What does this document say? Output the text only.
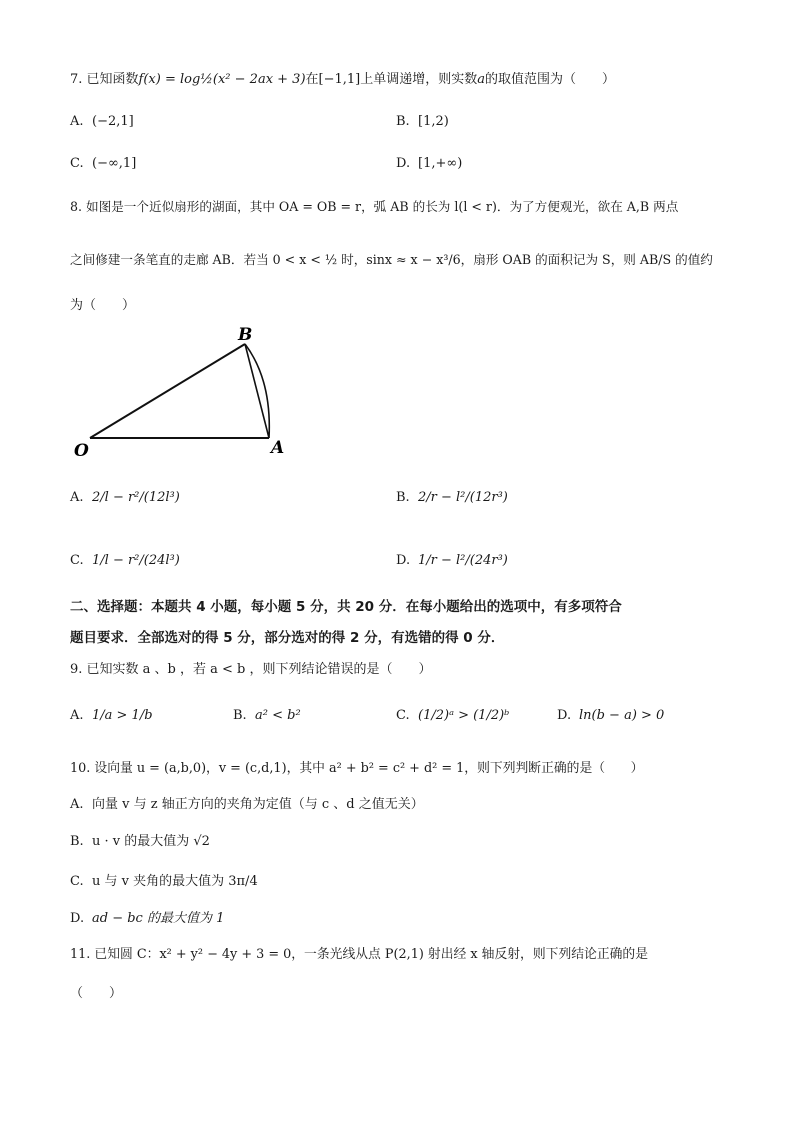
7. 已知函数f(x) = log½(x² − 2ax + 3)在[−1,1]上单调递增，则实数a的取值范围为（　　）
A. (−2,1]	B. [1,2)
C. (−∞,1]	D. [1,+∞)
8. 如图是一个近似扇形的湖面，其中 OA = OB = r，弧 AB 的长为 l(l < r)．为了方便观光，欲在 A,B 两点
之间修建一条笔直的走廊 AB．若当 0 < x < ½ 时，sinx ≈ x − x³/6，扇形 OAB 的面积记为 S，则 AB/S 的值约
为（　　）
O	A
B
A. 2/l − r²/(12l³)	B. 2/r − l²/(12r³)
C. 1/l − r²/(24l³)	D. 1/r − l²/(24r³)
二、选择题：本题共 4 小题，每小题 5 分，共 20 分．在每小题给出的选项中，有多项符合
题目要求．全部选对的得 5 分，部分选对的得 2 分，有选错的得 0 分．
9. 已知实数 a 、b ，若 a < b ，则下列结论错误的是（　　）
A. 1/a > 1/b	B. a² < b²	C. (1/2)ᵃ > (1/2)ᵇ	D. ln(b − a) > 0
10. 设向量 u = (a,b,0)，v = (c,d,1)，其中 a² + b² = c² + d² = 1，则下列判断正确的是（　　）
A. 向量 v 与 z 轴正方向的夹角为定值（与 c 、d 之值无关）
B. u · v 的最大值为 √2
C. u 与 v 夹角的最大值为 3π/4
D. ad − bc 的最大值为 1
11. 已知圆 C：x² + y² − 4y + 3 = 0，一条光线从点 P(2,1) 射出经 x 轴反射，则下列结论正确的是
（　　）
